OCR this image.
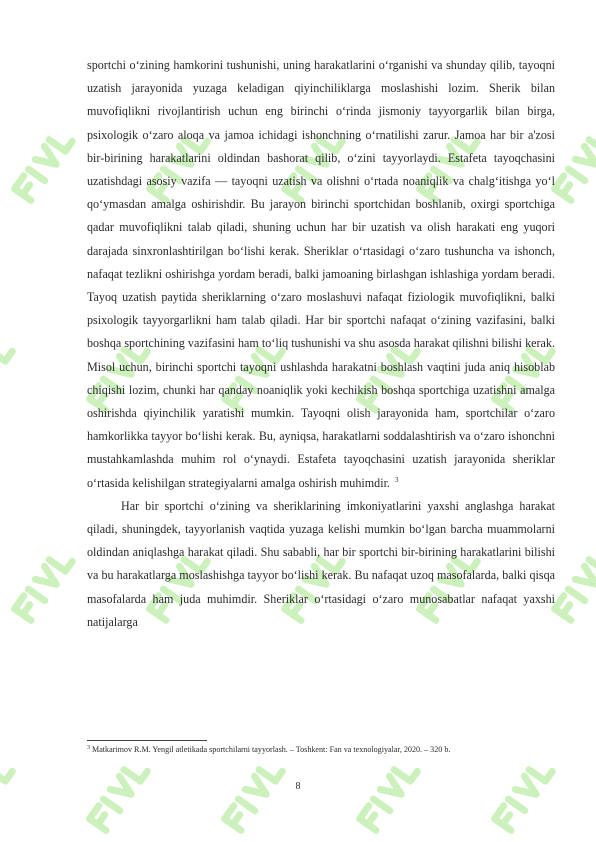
sportchi oʻzining hamkorini tushunishi, uning harakatlarini oʻrganishi va shunday qilib, tayoqni uzatish jarayonida yuzaga keladigan qiyinchiliklarga moslashishi lozim. Sherik bilan muvofiqlikni rivojlantirish uchun eng birinchi oʻrinda jismoniy tayyorgarlik bilan birga, psixologik oʻzaro aloqa va jamoa ichidagi ishonchning oʻrnatilishi zarur. Jamoa har bir a'zosi bir-birining harakatlarini oldindan bashorat qilib, oʻzini tayyorlaydi. Estafeta tayoqchasini uzatishdagi asosiy vazifa — tayoqni uzatish va olishni oʻrtada noaniqlik va chalgʻitishga yoʻl qoʻymasdan amalga oshirishdir. Bu jarayon birinchi sportchidan boshlanib, oxirgi sportchiga qadar muvofiqlikni talab qiladi, shuning uchun har bir uzatish va olish harakati eng yuqori darajada sinxronlashtirilgan boʻlishi kerak. Sheriklar oʻrtasidagi oʻzaro tushuncha va ishonch, nafaqat tezlikni oshirishga yordam beradi, balki jamoaning birlashgan ishlashiga yordam beradi. Tayoq uzatish paytida sheriklarning oʻzaro moslashuvi nafaqat fiziologik muvofiqlikni, balki psixologik tayyorgarlikni ham talab qiladi. Har bir sportchi nafaqat oʻzining vazifasini, balki boshqa sportchining vazifasini ham toʻliq tushunishi va shu asosda harakat qilishni bilishi kerak. Misol uchun, birinchi sportchi tayoqni ushlashda harakatni boshlash vaqtini juda aniq hisoblab chiqishi lozim, chunki har qanday noaniqlik yoki kechikish boshqa sportchiga uzatishni amalga oshirishda qiyinchilik yaratishi mumkin. Tayoqni olish jarayonida ham, sportchilar oʻzaro hamkorlikka tayyor boʻlishi kerak. Bu, ayniqsa, harakatlarni soddalashtirish va oʻzaro ishonchni mustahkamlashda muhim rol oʻynaydi. Estafeta tayoqchasini uzatish jarayonida sheriklar oʻrtasida kelishilgan strategiyalarni amalga oshirish muhimdir. $^3$

Har bir sportchi oʻzining va sheriklarining imkoniyatlarini yaxshi anglashga harakat qiladi, shuningdek, tayyorlanish vaqtida yuzaga kelishi mumkin boʻlgan barcha muammolarni oldindan aniqlashga harakat qiladi. Shu sababli, har bir sportchi bir-birining harakatlarini bilishi va bu harakatlarga moslashishga tayyor boʻlishi kerak. Bu nafaqat uzoq masofalarda, balki qisqa masofalarda ham juda muhimdir. Sheriklar oʻrtasidagi oʻzaro munosabatlar nafaqat yaxshi natijalarga

$^3$ Matkarimov R.M. Yengil atletikada sportchilarni tayyorlash. – Toshkent: Fan va texnologiyalar, 2020. – 320 b.
8
